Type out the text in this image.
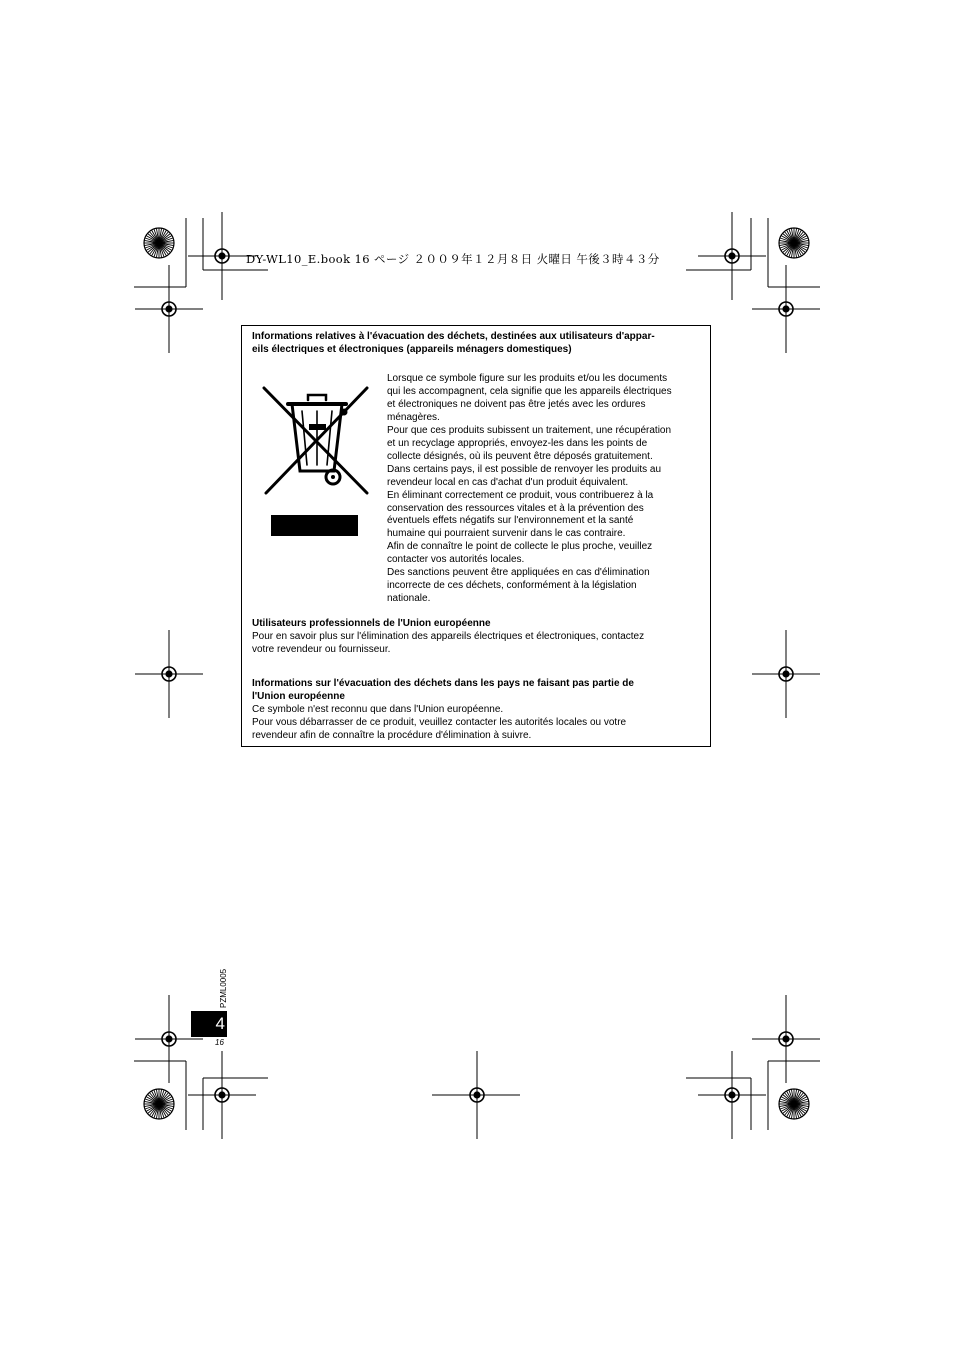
DY-WL10_E.book 16 ページ ２００９年１２月８日 火曜日 午後３時４３分
Informations relatives à l'évacuation des déchets, destinées aux utilisateurs d'appar-
eils électriques et électroniques (appareils ménagers domestiques)
Lorsque ce symbole figure sur les produits et/ou les documents
qui les accompagnent, cela signifie que les appareils électriques
et électroniques ne doivent pas être jetés avec les ordures
ménagères.
Pour que ces produits subissent un traitement, une récupération
et un recyclage appropriés, envoyez-les dans les points de
collecte désignés, où ils peuvent être déposés gratuitement.
Dans certains pays, il est possible de renvoyer les produits au
revendeur local en cas d'achat d'un produit équivalent.
En éliminant correctement ce produit, vous contribuerez à la
conservation des ressources vitales et à la prévention des
éventuels effets négatifs sur l'environnement et la santé
humaine qui pourraient survenir dans le cas contraire.
Afin de connaître le point de collecte le plus proche, veuillez
contacter vos autorités locales.
Des sanctions peuvent être appliquées en cas d'élimination
incorrecte de ces déchets, conformément à la législation
nationale.
Utilisateurs professionnels de l'Union européenne
Pour en savoir plus sur l'élimination des appareils électriques et électroniques, contactez
votre revendeur ou fournisseur.
Informations sur l'évacuation des déchets dans les pays ne faisant pas partie de
l'Union européenne
Ce symbole n'est reconnu que dans l'Union européenne.
Pour vous débarrasser de ce produit, veuillez contacter les autorités locales ou votre
revendeur afin de connaître la procédure d'élimination à suivre.
4
PZML0005
16
